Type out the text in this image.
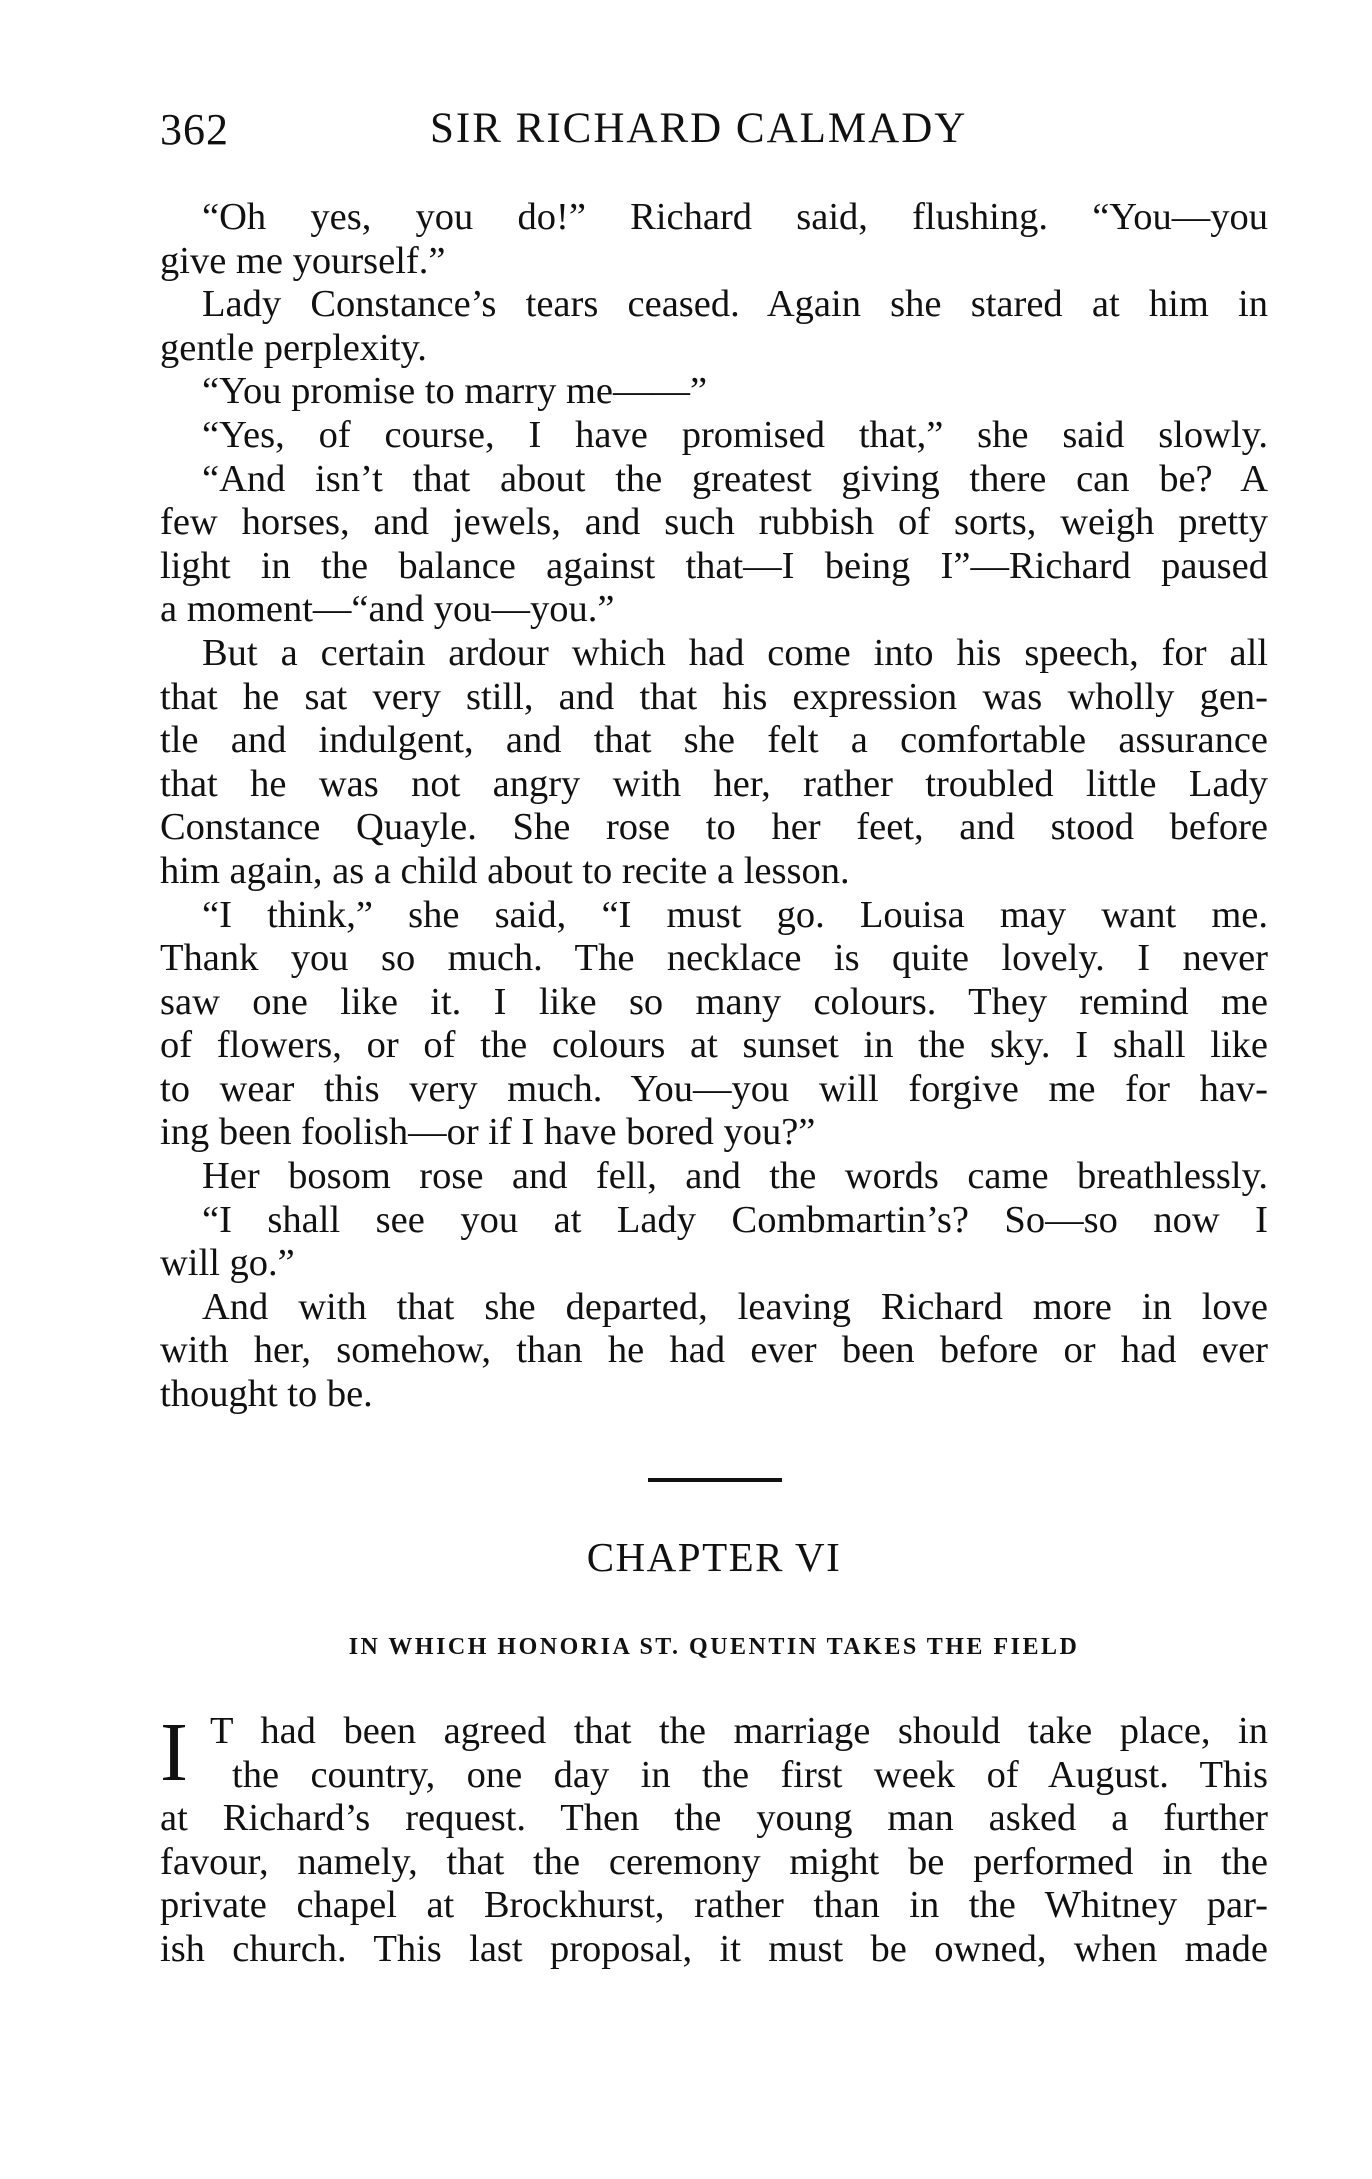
362	SIR RICHARD CALMADY
“Oh yes, you do!” Richard said, flushing. “You—you
give me yourself.”
Lady Constance’s tears ceased. Again she stared at him in
gentle perplexity.
“You promise to marry me——”
“Yes, of course, I have promised that,” she said slowly.
“And isn’t that about the greatest giving there can be? A
few horses, and jewels, and such rubbish of sorts, weigh pretty
light in the balance against that—I being I”—Richard paused
a moment—“and you—you.”
But a certain ardour which had come into his speech, for all
that he sat very still, and that his expression was wholly gen-
tle and indulgent, and that she felt a comfortable assurance
that he was not angry with her, rather troubled little Lady
Constance Quayle. She rose to her feet, and stood before
him again, as a child about to recite a lesson.
“I think,” she said, “I must go. Louisa may want me.
Thank you so much. The necklace is quite lovely. I never
saw one like it. I like so many colours. They remind me
of flowers, or of the colours at sunset in the sky. I shall like
to wear this very much. You—you will forgive me for hav-
ing been foolish—or if I have bored you?”
Her bosom rose and fell, and the words came breathlessly.
“I shall see you at Lady Combmartin’s? So—so now I
will go.”
And with that she departed, leaving Richard more in love
with her, somehow, than he had ever been before or had ever
thought to be.
CHAPTER VI
IN WHICH HONORIA ST. QUENTIN TAKES THE FIELD
I T had been agreed that the marriage should take place, in
the country, one day in the first week of August. This
at Richard’s request. Then the young man asked a further
favour, namely, that the ceremony might be performed in the
private chapel at Brockhurst, rather than in the Whitney par-
ish church. This last proposal, it must be owned, when made
